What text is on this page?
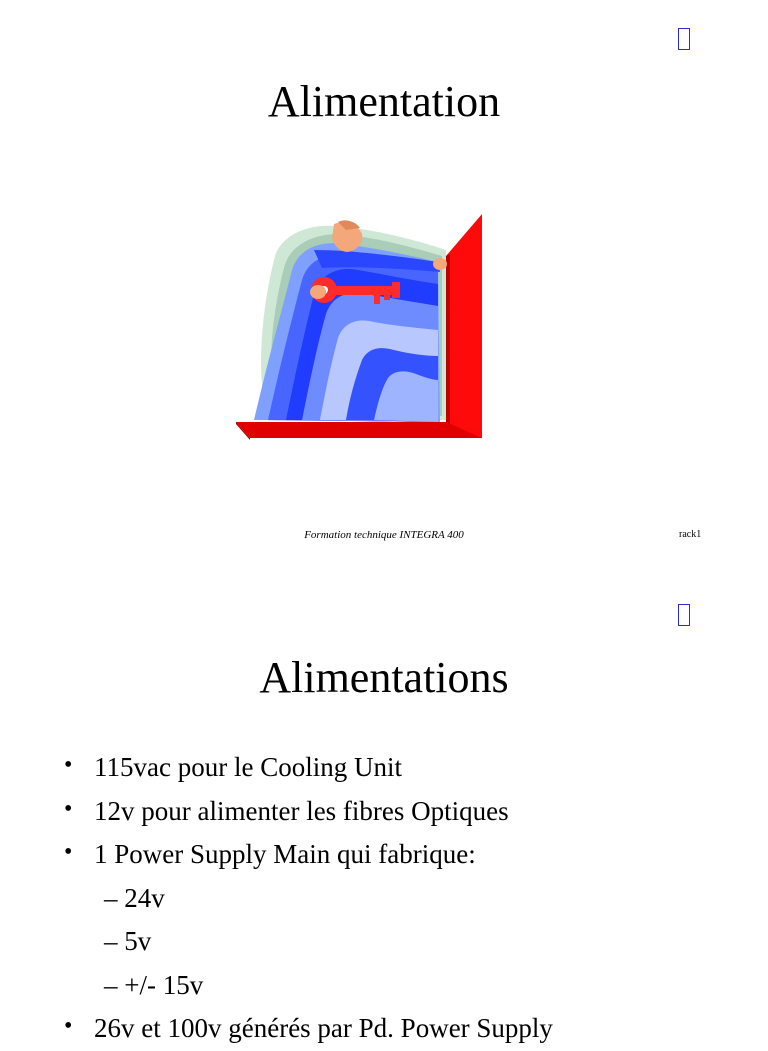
Alimentation
Formation technique INTEGRA 400	rack1
Alimentations
• 115vac pour le Cooling Unit
• 12v pour alimenter les fibres Optiques
• 1 Power Supply Main qui fabrique:
– 24v
– 5v
– +/- 15v
• 26v et 100v générés par Pd. Power Supply
